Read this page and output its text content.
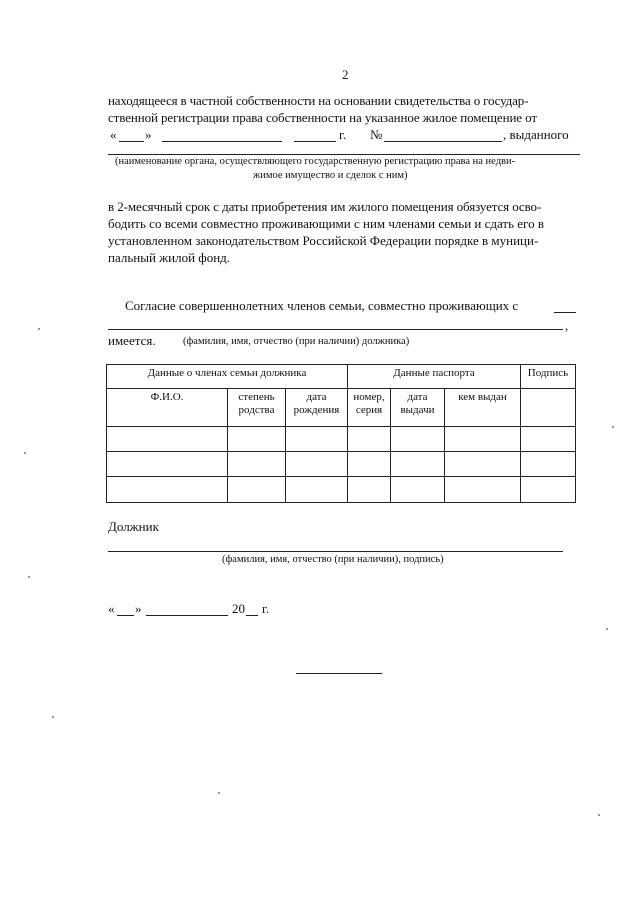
2
находящееся в частной собственности на основании свидетельства о государ-
ственной регистрации права собственности на указанное жилое помещение от
« »	г. №	, выданного
(наименование органа, осуществляющего государственную регистрацию права на недви-
жимое имущество и сделок с ним)
в 2-месячный срок с даты приобретения им жилого помещения обязуется осво-
бодить со всеми совместно проживающими с ним членами семьи и сдать его в
установленном законодательством Российской Федерации порядке в муници-
пальный жилой фонд.
Согласие совершеннолетних членов семьи, совместно проживающих с
,
имеется.	(фамилия, имя, отчество (при наличии) должника)
Данные о членах семьи должника			Данные паспорта			Подпись
Ф.И.О.	степень родства	дата рождения	номер, серия	дата выдачи	кем выдан	

Должник
(фамилия, имя, отчество (при наличии), подпись)
« »	20 г.
